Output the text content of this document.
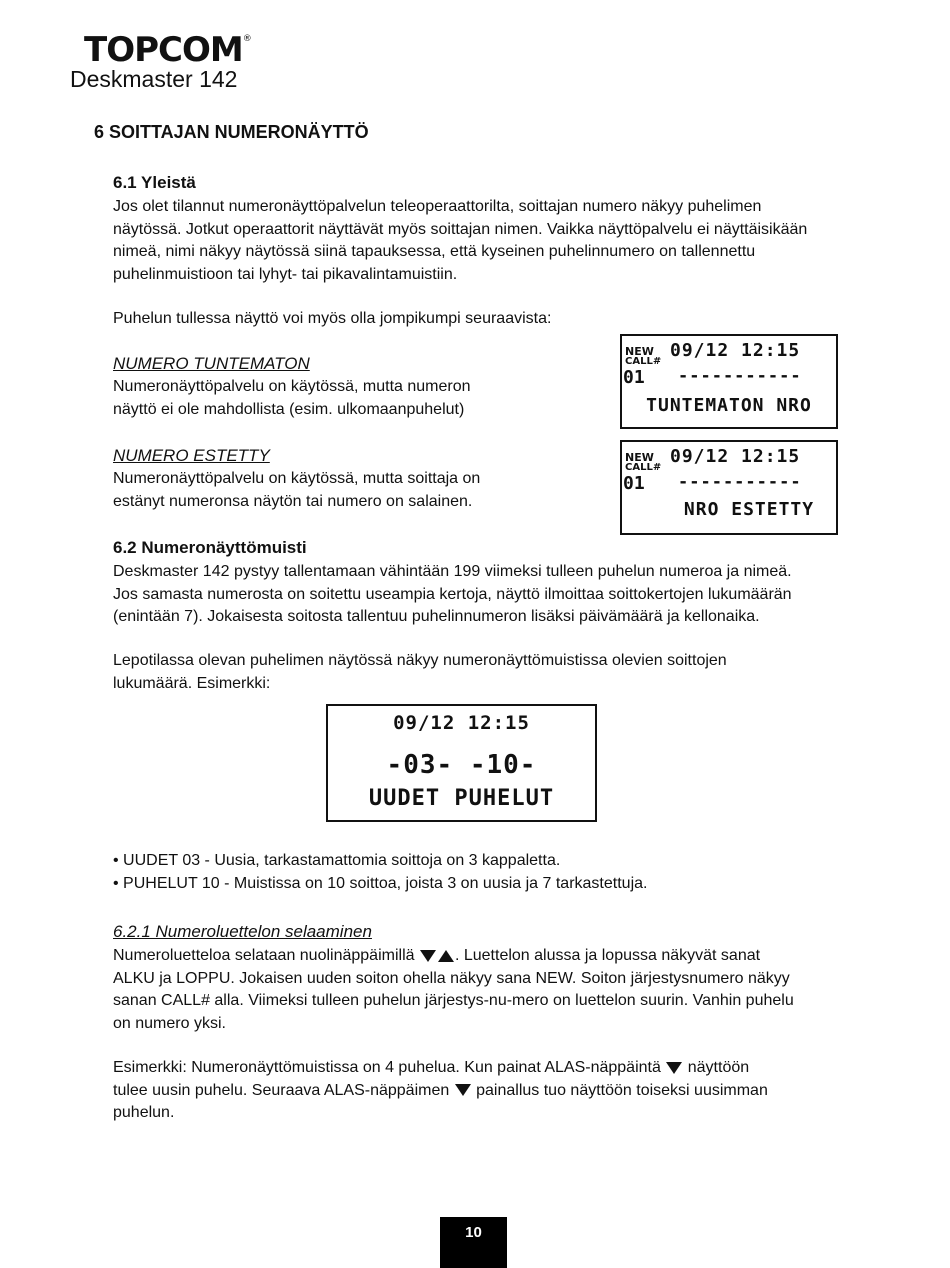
TOPCOM®
Deskmaster 142
6 SOITTAJAN NUMERONÄYTTÖ
6.1 Yleistä
Jos olet tilannut numeronäyttöpalvelun teleoperaattorilta, soittajan numero näkyy puhelimen
näytössä. Jotkut operaattorit näyttävät myös soittajan nimen. Vaikka näyttöpalvelu ei näyttäisikään
nimeä, nimi näkyy näytössä siinä tapauksessa, että kyseinen puhelinnumero on tallennettu
puhelinmuistioon tai lyhyt- tai pikavalintamuistiin.
Puhelun tullessa näyttö voi myös olla jompikumpi seuraavista:
NUMERO TUNTEMATON
Numeronäyttöpalvelu on käytössä, mutta numeron
näyttö ei ole mahdollista (esim. ulkomaanpuhelut)
NEW
CALL#
09/12 12:15
01 -----------
TUNTEMATON NRO
NUMERO ESTETTY
Numeronäyttöpalvelu on käytössä, mutta soittaja on
estänyt numeronsa näytön tai numero on salainen.
NEW
CALL#
09/12 12:15
01 -----------
NRO ESTETTY
6.2 Numeronäyttömuisti
Deskmaster 142 pystyy tallentamaan vähintään 199 viimeksi tulleen puhelun numeroa ja nimeä.
Jos samasta numerosta on soitettu useampia kertoja, näyttö ilmoittaa soittokertojen lukumäärän
(enintään 7). Jokaisesta soitosta tallentuu puhelinnumeron lisäksi päivämäärä ja kellonaika.
Lepotilassa olevan puhelimen näytössä näkyy numeronäyttömuistissa olevien soittojen
lukumäärä. Esimerkki:
09/12 12:15
-03- -10-
UUDET PUHELUT
• UUDET 03 - Uusia, tarkastamattomia soittoja on 3 kappaletta.
• PUHELUT 10 - Muistissa on 10 soittoa, joista 3 on uusia ja 7 tarkastettuja.
6.2.1 Numeroluettelon selaaminen
Numeroluetteloa selataan nuolinäppäimillä . Luettelon alussa ja lopussa näkyvät sanat
ALKU ja LOPPU. Jokaisen uuden soiton ohella näkyy sana NEW. Soiton järjestysnumero näkyy
sanan CALL# alla. Viimeksi tulleen puhelun järjestys-nu-mero on luettelon suurin. Vanhin puhelu
on numero yksi.
Esimerkki: Numeronäyttömuistissa on 4 puhelua. Kun painat ALAS-näppäintä  näyttöön
tulee uusin puhelu. Seuraava ALAS-näppäimen  painallus tuo näyttöön toiseksi uusimman
puhelun.
10
